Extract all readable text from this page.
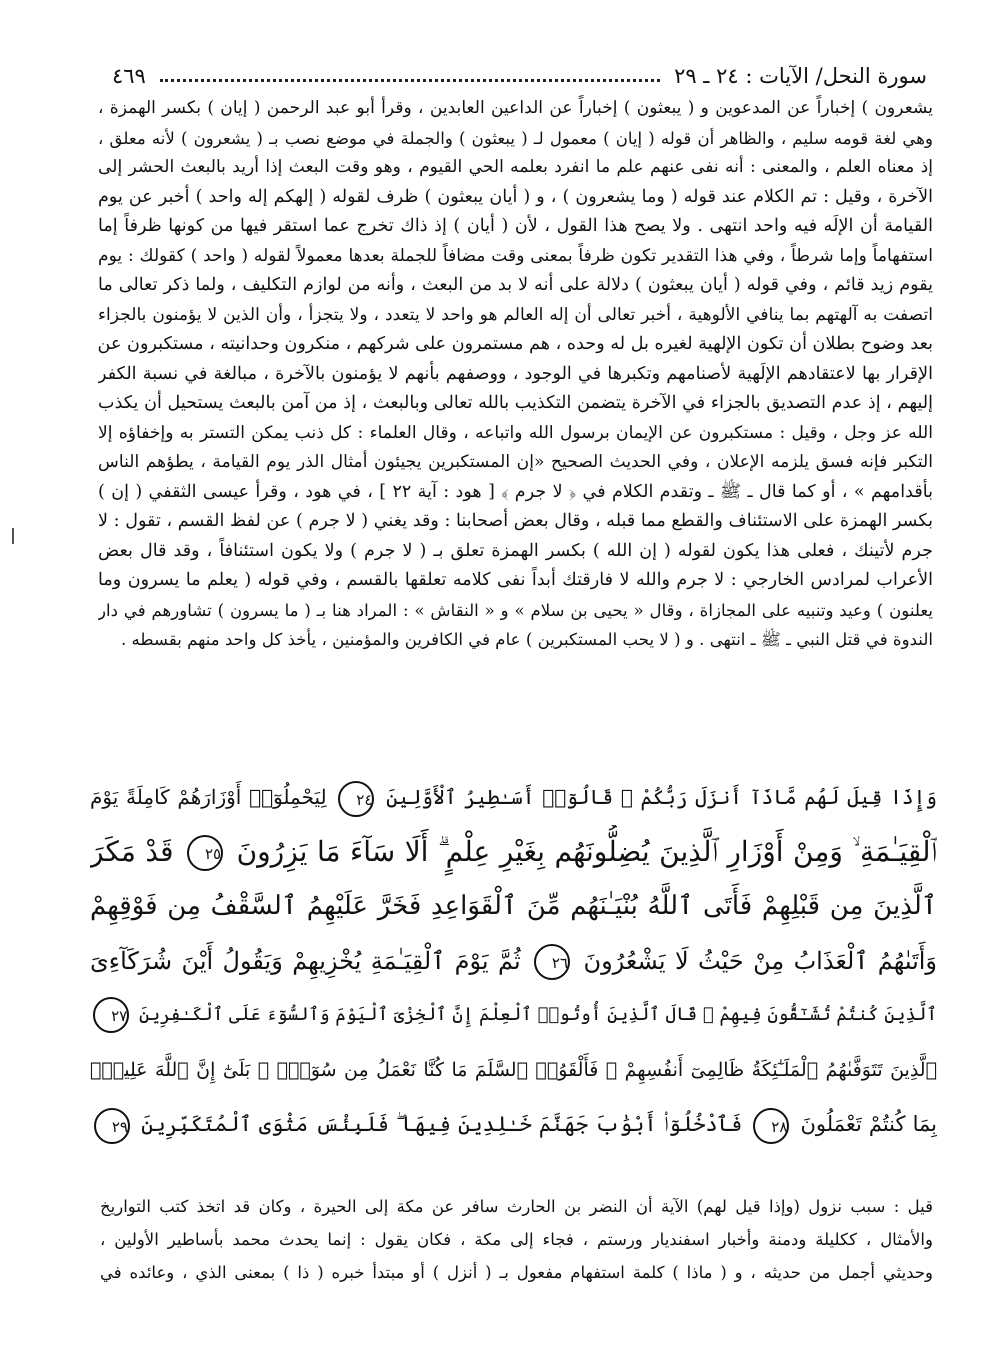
سورة النحل/ الآيات : ٢٤ ـ ٢٩
٤٦٩

يشعرون ) إخباراً عن المدعوين و ( يبعثون ) إخباراً عن الداعين العابدين ، وقرأ أبو عبد الرحمن ( إيان ) بكسر الهمزة ،
وهي لغة قومه سليم ، والظاهر أن قوله ( إيان ) معمول لـ ( يبعثون ) والجملة في موضع نصب بـ ( يشعرون ) لأنه معلق ،
إذ معناه العلم ، والمعنى : أنه نفى عنهم علم ما انفرد بعلمه الحي القيوم ، وهو وقت البعث إذا أريد بالبعث الحشر إلى
الآخرة ، وقيل : تم الكلام عند قوله ( وما يشعرون ) ، و ( أيان يبعثون ) ظرف لقوله ( إلهكم إله واحد ) أخبر عن يوم
القيامة أن الإلَه فيه واحد انتهى . ولا يصح هذا القول ، لأن ( أيان ) إذ ذاك تخرج عما استقر فيها من كونها ظرفاً إما
استفهاماً وإما شرطاً ، وفي هذا التقدير تكون ظرفاً بمعنى وقت مضافاً للجملة بعدها معمولاً لقوله ( واحد ) كقولك : يوم
يقوم زيد قائم ، وفي قوله ( أيان يبعثون ) دلالة على أنه لا بد من البعث ، وأنه من لوازم التكليف ، ولما ذكر تعالى ما
اتصفت به آلهتهم بما ينافي الألوهية ، أخبر تعالى أن إله العالم هو واحد لا يتعدد ، ولا يتجزأ ، وأن الذين لا يؤمنون بالجزاء
بعد وضوح بطلان أن تكون الإلهية لغيره بل له وحده ، هم مستمرون على شركهم ، منكرون وحدانيته ، مستكبرون عن
الإقرار بها لاعتقادهم الإلَهية لأصنامهم وتكبرها في الوجود ، ووصفهم بأنهم لا يؤمنون بالآخرة ، مبالغة في نسبة الكفر
إليهم ، إذ عدم التصديق بالجزاء في الآخرة يتضمن التكذيب بالله تعالى وبالبعث ، إذ من آمن بالبعث يستحيل أن يكذب
الله عز وجل ، وقيل : مستكبرون عن الإيمان برسول الله واتباعه ، وقال العلماء : كل ذنب يمكن التستر به وإخفاؤه إلا
التكبر فإنه فسق يلزمه الإعلان ، وفي الحديث الصحيح «إن المستكبرين يجيئون أمثال الذر يوم القيامة ، يطؤهم الناس
بأقدامهم » ، أو كما قال ـ ﷺ ـ وتقدم الكلام في ﴿ لا جرم ﴾ [ هود : آية ٢٢ ] ، في هود ، وقرأ عيسى الثقفي ( إن )
بكسر الهمزة على الاستئناف والقطع مما قبله ، وقال بعض أصحابنا : وقد يغني ( لا جرم ) عن لفظ القسم ، تقول : لا
جرم لأتينك ، فعلى هذا يكون لقوله ( إن الله ) بكسر الهمزة تعلق بـ ( لا جرم ) ولا يكون استئنافاً ، وقد قال بعض
الأعراب لمرادس الخارجي : لا جرم والله لا فارقتك أبداً نفى كلامه تعلقها بالقسم ، وفي قوله ( يعلم ما يسرون وما
يعلنون ) وعيد وتنبيه على المجازاة ، وقال « يحيى بن سلام » و « النقاش » : المراد هنا بـ ( ما يسرون ) تشاورهم في دار
الندوة في قتل النبي ـ ﷺ ـ انتهى . و ( لا يحب المستكبرين ) عام في الكافرين والمؤمنين ، يأخذ كل واحد منهم بقسطه .

وَإِذَا قِيلَ لَهُم مَّاذَآ أَنزَلَ رَبُّكُمْ ۙ قَالُوٓا۟ أَسَـٰطِيرُ ٱلْأَوَّلِينَ ٢٤ لِيَحْمِلُوٓا۟ أَوْزَارَهُمْ كَامِلَةً يَوْمَ
ٱلْقِيَـٰمَةِ ۙ وَمِنْ أَوْزَارِ ٱلَّذِينَ يُضِلُّونَهُم بِغَيْرِ عِلْمٍ ۗ أَلَا سَآءَ مَا يَزِرُونَ ٢٥ قَدْ مَكَرَ
ٱلَّذِينَ مِن قَبْلِهِمْ فَأَتَى ٱللَّهُ بُنْيَـٰنَهُم مِّنَ ٱلْقَوَاعِدِ فَخَرَّ عَلَيْهِمُ ٱلسَّقْفُ مِن فَوْقِهِمْ
وَأَتَىٰهُمُ ٱلْعَذَابُ مِنْ حَيْثُ لَا يَشْعُرُونَ ٢٦ ثُمَّ يَوْمَ ٱلْقِيَـٰمَةِ يُخْزِيهِمْ وَيَقُولُ أَيْنَ شُرَكَآءِىَ
ٱلَّذِينَ كُنتُمْ تُشَـٰٓقُّونَ فِيهِمْ ۚ قَالَ ٱلَّذِينَ أُوتُوا۟ ٱلْعِلْمَ إِنَّ ٱلْخِزْىَ ٱلْيَوْمَ وَٱلسُّوٓءَ عَلَى ٱلْكَـٰفِرِينَ ٢٧
ٱلَّذِينَ تَتَوَفَّىٰهُمُ ٱلْمَلَـٰٓئِكَةُ ظَالِمِىٓ أَنفُسِهِمْ ۖ فَأَلْقَوُا۟ ٱلسَّلَمَ مَا كُنَّا نَعْمَلُ مِن سُوٓءٍۭ ۚ بَلَىٰٓ إِنَّ ٱللَّهَ عَلِيمٌۢ
بِمَا كُنتُمْ تَعْمَلُونَ ٢٨ فَٱدْخُلُوٓا۟ أَبْوَٰبَ جَهَنَّمَ خَـٰلِدِينَ فِيهَا ۖ فَلَبِئْسَ مَثْوَى ٱلْمُتَكَبِّرِينَ ٢٩

قيل : سبب نزول (وإذا قيل لهم) الآية أن النضر بن الحارث سافر عن مكة إلى الحيرة ، وكان قد اتخذ كتب التواريخ
والأمثال ، ككليلة ودمنة وأخبار اسفنديار ورستم ، فجاء إلى مكة ، فكان يقول : إنما يحدث محمد بأساطير الأولين ،
وحديثي أجمل من حديثه ، و ( ماذا ) كلمة استفهام مفعول بـ ( أنزل ) أو مبتدأ خبره ( ذا ) بمعنى الذي ، وعائده في
